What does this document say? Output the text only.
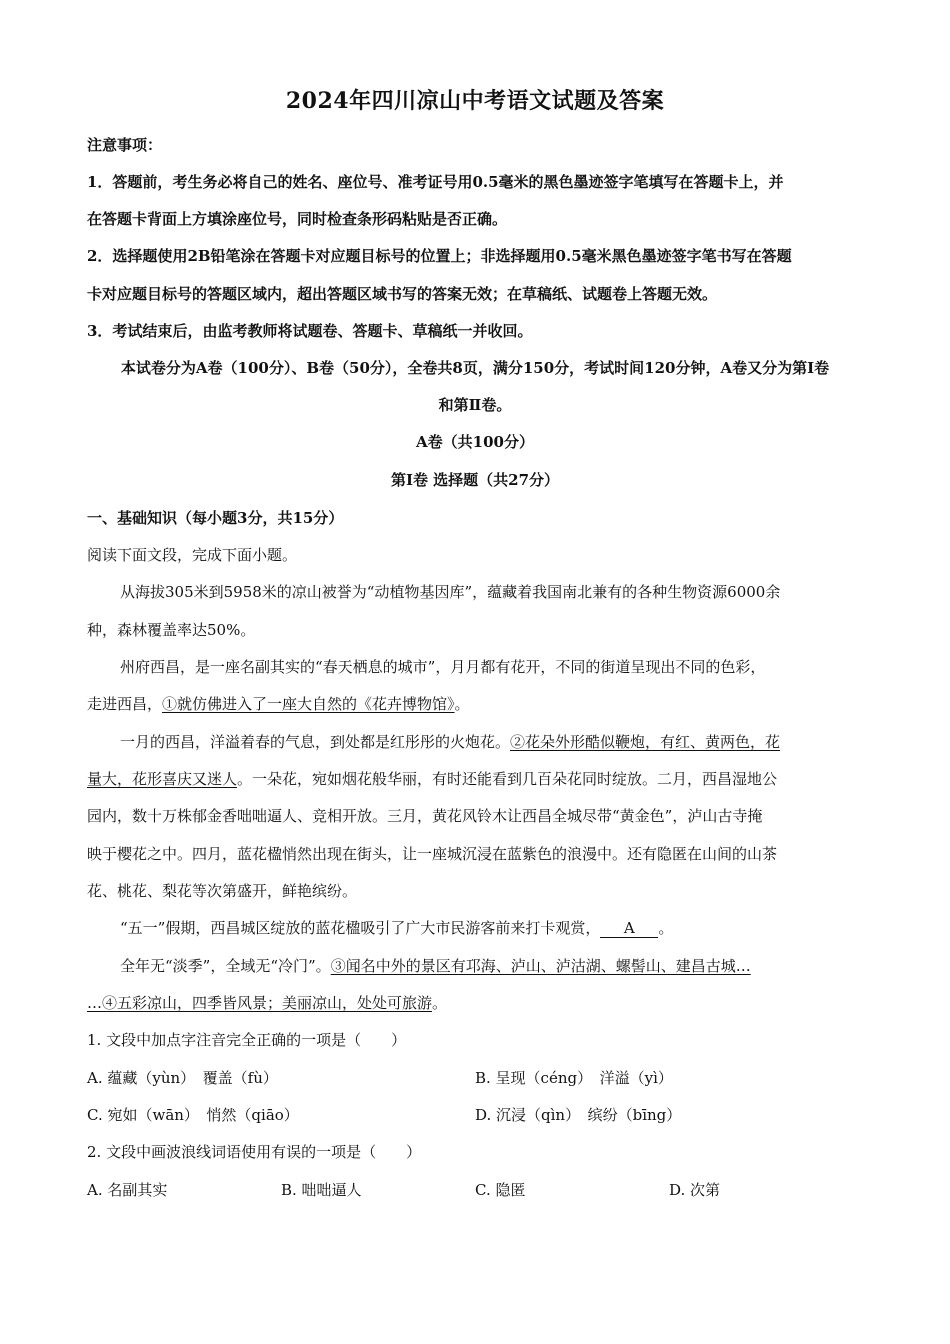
2024年四川凉山中考语文试题及答案
注意事项：
1．答题前，考生务必将自己的姓名、座位号、准考证号用0.5毫米的黑色墨迹签字笔填写在答题卡上，并
在答题卡背面上方填涂座位号，同时检查条形码粘贴是否正确。
2．选择题使用2B铅笔涂在答题卡对应题目标号的位置上；非选择题用0.5毫米黑色墨迹签字笔书写在答题
卡对应题目标号的答题区域内，超出答题区域书写的答案无效；在草稿纸、试题卷上答题无效。
3．考试结束后，由监考教师将试题卷、答题卡、草稿纸一并收回。
本试卷分为A卷（100分）、B卷（50分），全卷共8页，满分150分，考试时间120分钟，A卷又分为第Ⅰ卷
和第Ⅱ卷。
A卷（共100分）
第Ⅰ卷 选择题（共27分）
一、基础知识（每小题3分，共15分）
阅读下面文段，完成下面小题。
从海拔305米到5958米的凉山被誉为“动植物基因库”，蕴藏着我国南北兼有的各种生物资源6000余
种，森林覆盖率达50%。
州府西昌，是一座名副其实的“春天栖息的城市”，月月都有花开，不同的街道呈现出不同的色彩，
走进西昌，①就仿佛进入了一座大自然的《花卉博物馆》。
一月的西昌，洋溢着春的气息，到处都是红彤彤的火炮花。②花朵外形酷似鞭炮，有红、黄两色，花
量大，花形喜庆又迷人。一朵花，宛如烟花般华丽，有时还能看到几百朵花同时绽放。二月，西昌湿地公
园内，数十万株郁金香咄咄逼人、竞相开放。三月，黄花风铃木让西昌全城尽带“黄金色”，泸山古寺掩
映于樱花之中。四月，蓝花楹悄然出现在街头，让一座城沉浸在蓝紫色的浪漫中。还有隐匿在山间的山茶
花、桃花、梨花等次第盛开，鲜艳缤纷。
“五一”假期，西昌城区绽放的蓝花楹吸引了广大市民游客前来打卡观赏， A 。
全年无“淡季”，全域无“冷门”。③闻名中外的景区有邛海、泸山、泸沽湖、螺髻山、建昌古城…
…④五彩凉山，四季皆风景；美丽凉山，处处可旅游。
1. 文段中加点字注音完全正确的一项是（　　）
A. 蕴藏（yùn）　覆盖（fù）	B. 呈现（céng）　洋溢（yì）
C. 宛如（wān）　悄然（qiāo）	D. 沉浸（qìn）　缤纷（bīng）
2. 文段中画波浪线词语使用有误的一项是（　　）
A. 名副其实	B. 咄咄逼人	C. 隐匿	D. 次第
